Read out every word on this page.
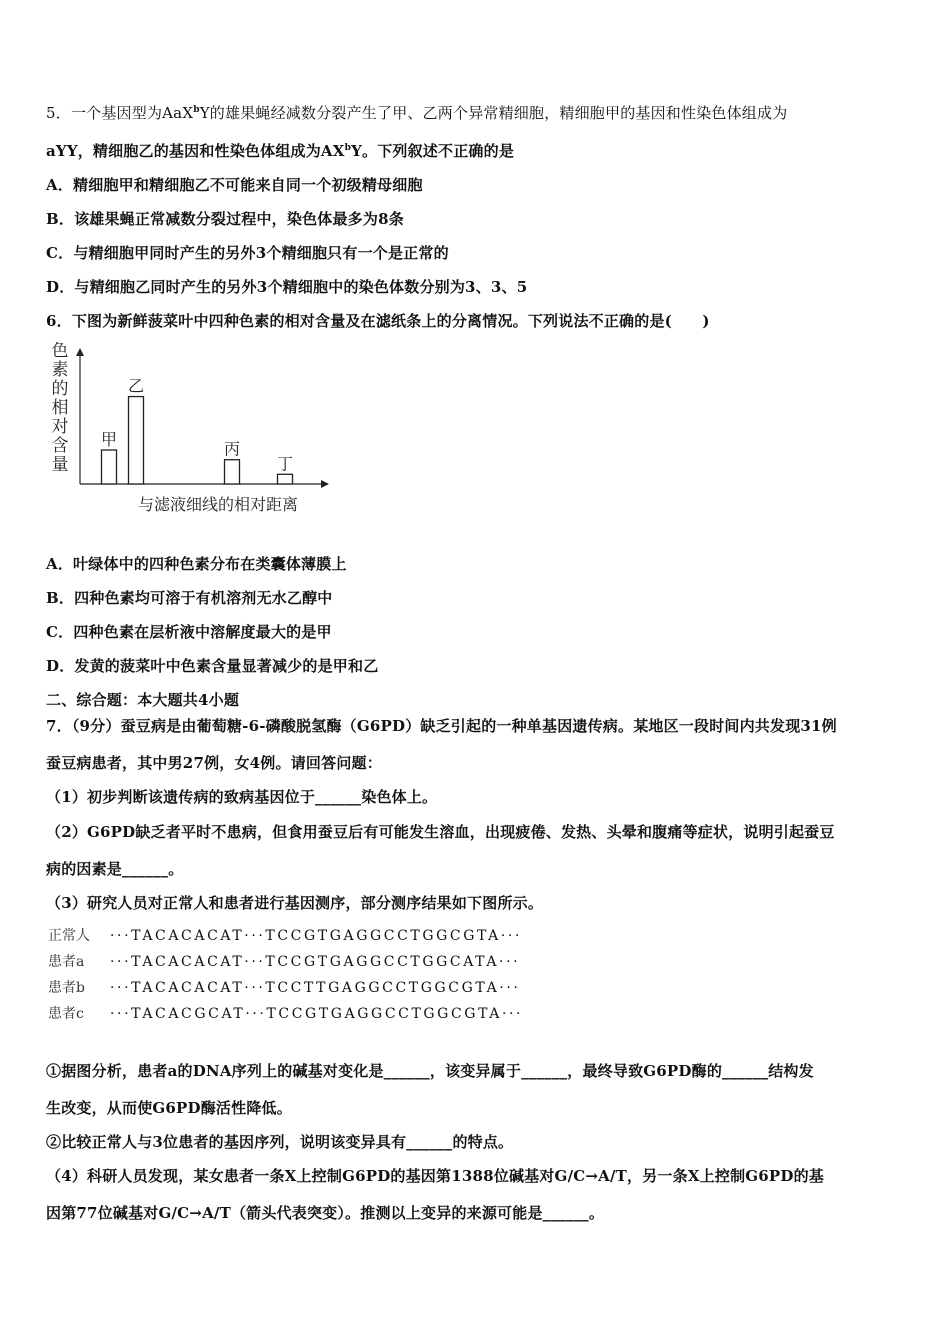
5．一个基因型为AaX$^b$Y的雄果蝇经减数分裂产生了甲、乙两个异常精细胞，精细胞甲的基因和性染色体组成为
aYY，精细胞乙的基因和性染色体组成为$AX^bY$。下列叙述不正确的是
A．精细胞甲和精细胞乙不可能来自同一个初级精母细胞
B．该雄果蝇正常减数分裂过程中，染色体最多为8条
C．与精细胞甲同时产生的另外3个精细胞只有一个是正常的
D．与精细胞乙同时产生的另外3个精细胞中的染色体数分别为3、3、5
6．下图为新鲜菠菜叶中四种色素的相对含量及在滤纸条上的分离情况。下列说法不正确的是(　　)
色素的相对含量
与滤液细线的相对距离
甲
乙
丙
丁
A．叶绿体中的四种色素分布在类囊体薄膜上
B．四种色素均可溶于有机溶剂无水乙醇中
C．四种色素在层析液中溶解度最大的是甲
D．发黄的菠菜叶中色素含量显著减少的是甲和乙
二、综合题：本大题共4小题
7．（9分）蚕豆病是由葡萄糖-6-磷酸脱氢酶（G6PD）缺乏引起的一种单基因遗传病。某地区一段时间内共发现31例
蚕豆病患者，其中男27例，女4例。请回答问题：
（1）初步判断该遗传病的致病基因位于______染色体上。
（2）G6PD缺乏者平时不患病，但食用蚕豆后有可能发生溶血，出现疲倦、发热、头晕和腹痛等症状，说明引起蚕豆
病的因素是______。
（3）研究人员对正常人和患者进行基因测序，部分测序结果如下图所示。
正常人 ···TACACACAT···TCCGTGAGGCCTGGCGTA···
患者a ···TACACACAT···TCCGTGAGGCCTGGCATA···
患者b ···TACACACAT···TCCTTGAGGCCTGGCGTA···
患者c ···TACACGCAT···TCCGTGAGGCCTGGCGTA···
①据图分析，患者a的DNA序列上的碱基对变化是______，该变异属于______，最终导致G6PD酶的______结构发
生改变，从而使G6PD酶活性降低。
②比较正常人与3位患者的基因序列，说明该变异具有______的特点。
（4）科研人员发现，某女患者一条X上控制G6PD的基因第1388位碱基对G/C→A/T，另一条X上控制G6PD的基
因第77位碱基对G/C→A/T（箭头代表突变）。推测以上变异的来源可能是______。
